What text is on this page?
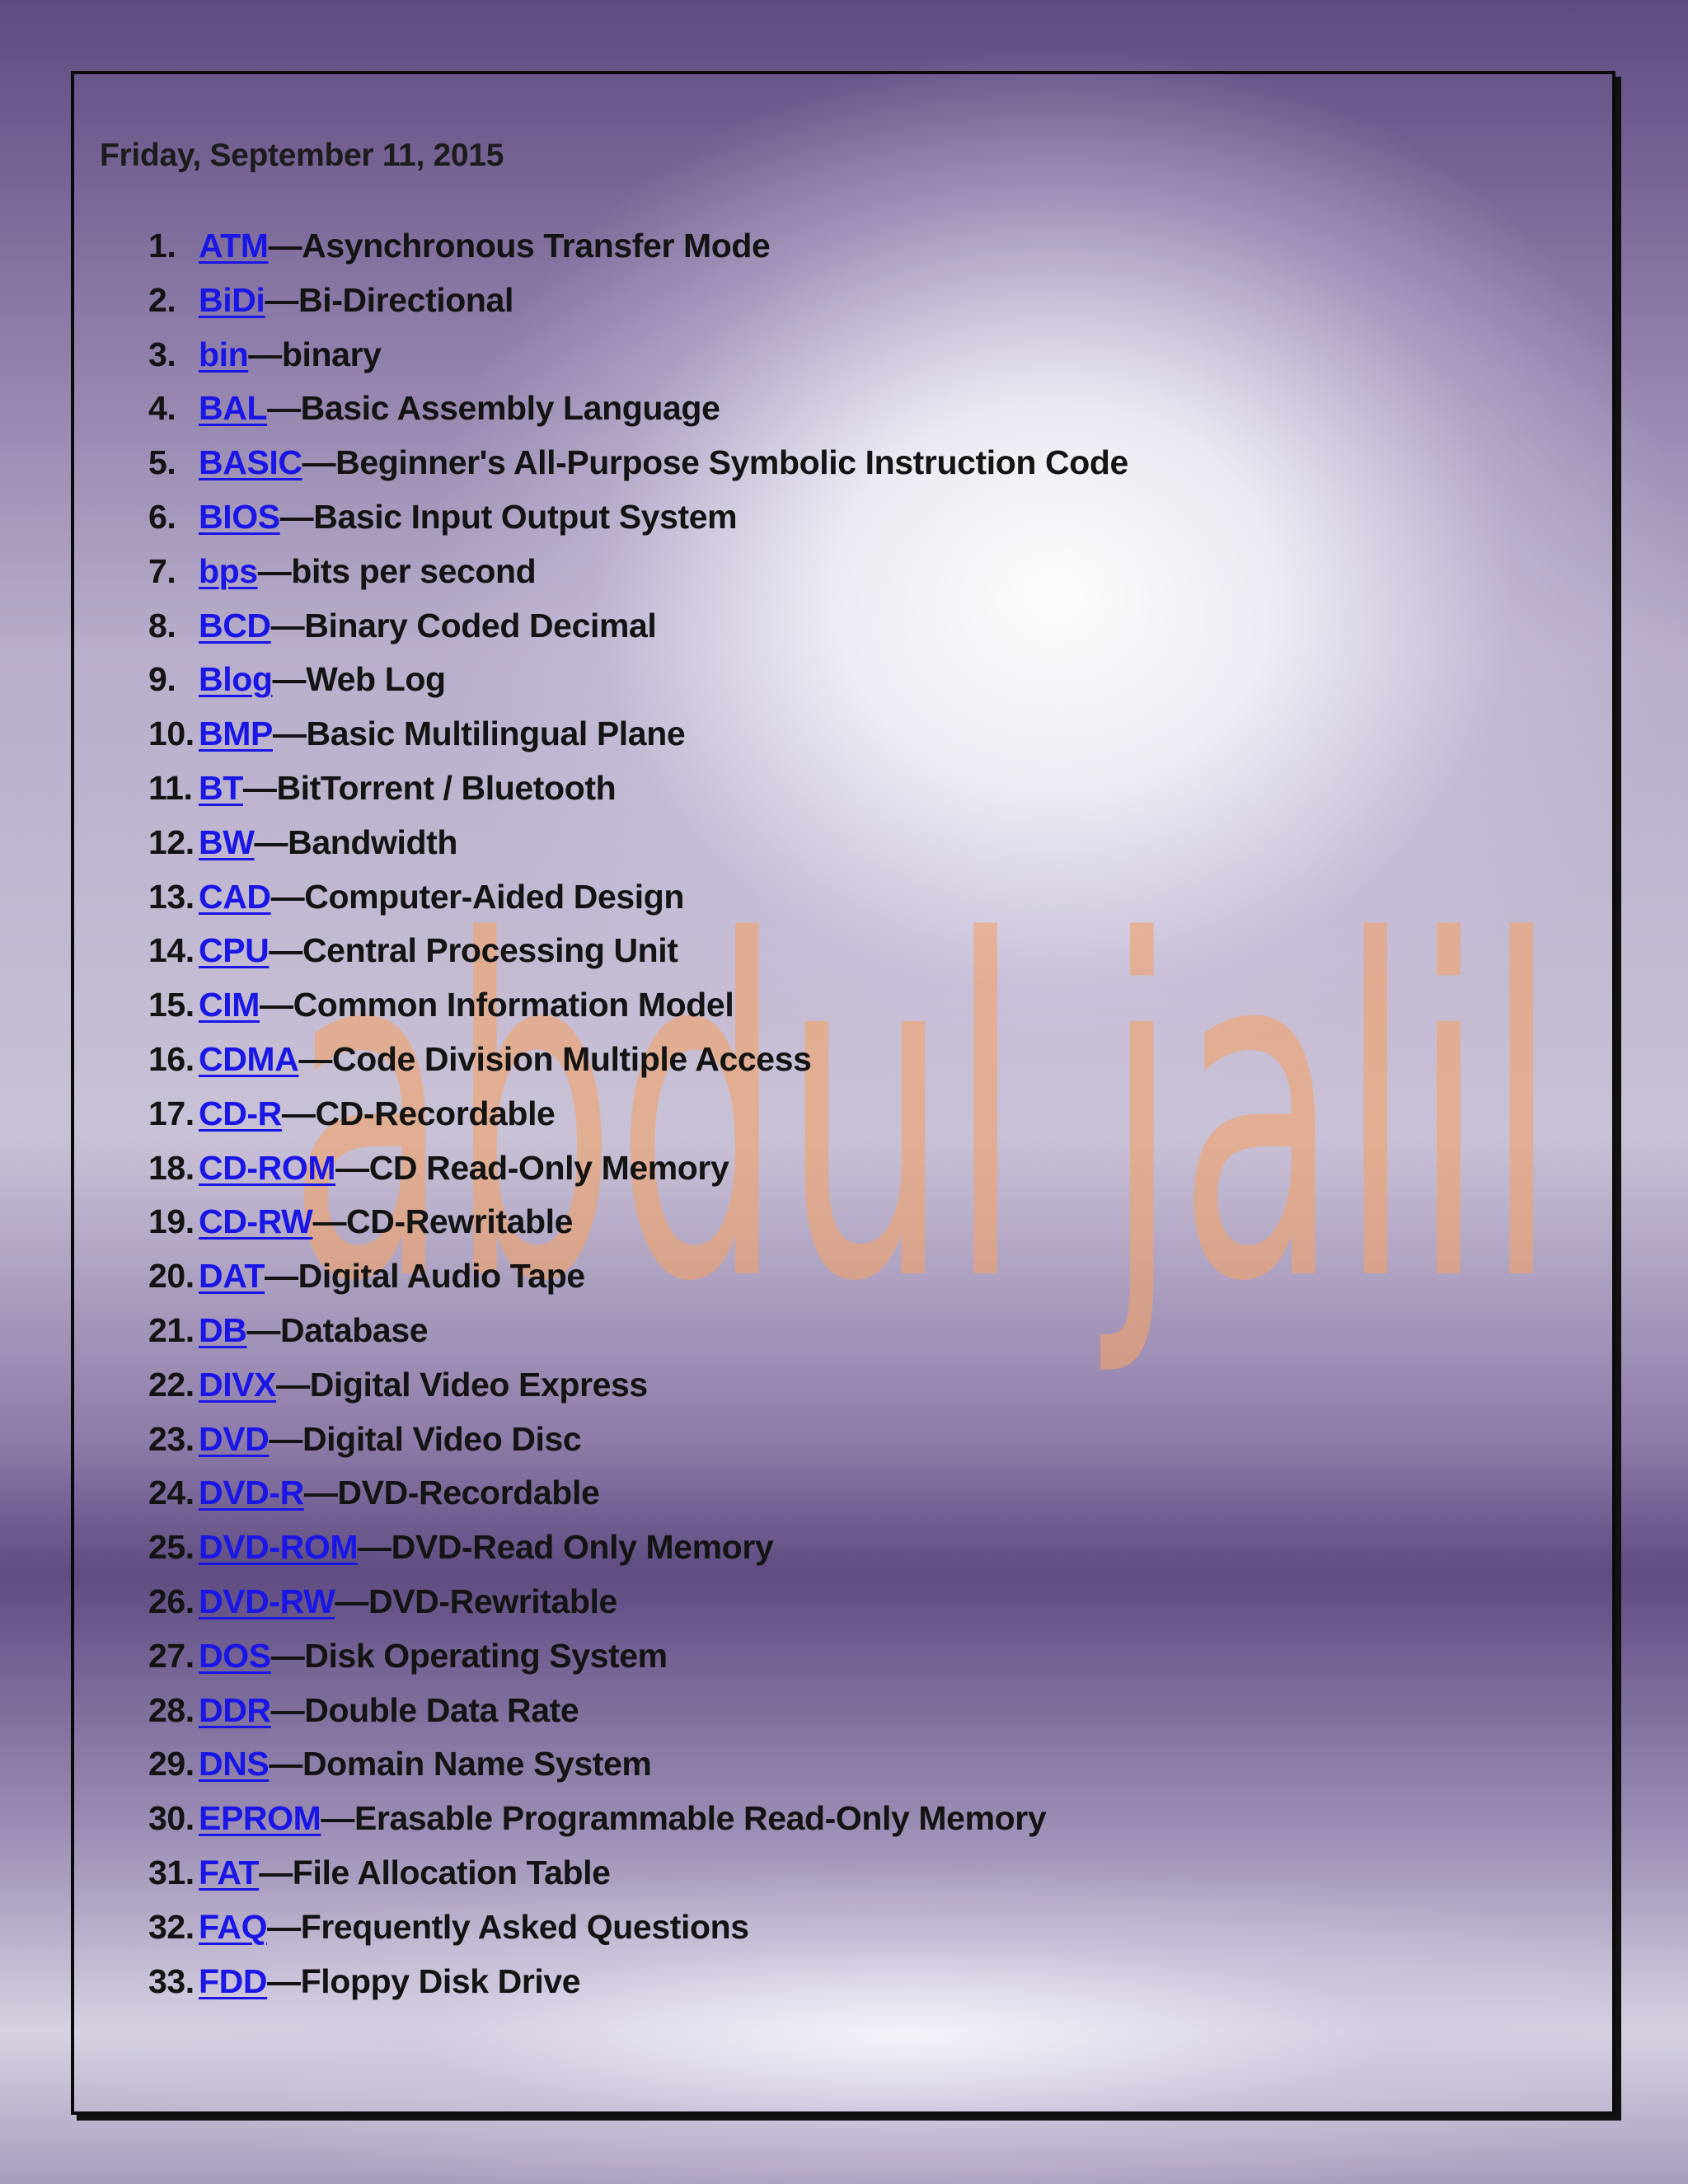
abdul jalil
Friday, September 11, 2015
1. ATM—Asynchronous Transfer Mode
2. BiDi—Bi-Directional
3. bin—binary
4. BAL—Basic Assembly Language
5. BASIC—Beginner's All-Purpose Symbolic Instruction Code
6. BIOS—Basic Input Output System
7. bps—bits per second
8. BCD—Binary Coded Decimal
9. Blog—Web Log
10. BMP—Basic Multilingual Plane
11. BT—BitTorrent / Bluetooth
12. BW—Bandwidth
13. CAD—Computer-Aided Design
14. CPU—Central Processing Unit
15. CIM—Common Information Model
16. CDMA—Code Division Multiple Access
17. CD-R—CD-Recordable
18. CD-ROM—CD Read-Only Memory
19. CD-RW—CD-Rewritable
20. DAT—Digital Audio Tape
21. DB—Database
22. DIVX—Digital Video Express
23. DVD—Digital Video Disc
24. DVD-R—DVD-Recordable
25. DVD-ROM—DVD-Read Only Memory
26. DVD-RW—DVD-Rewritable
27. DOS—Disk Operating System
28. DDR—Double Data Rate
29. DNS—Domain Name System
30. EPROM—Erasable Programmable Read-Only Memory
31. FAT—File Allocation Table
32. FAQ—Frequently Asked Questions
33. FDD—Floppy Disk Drive
